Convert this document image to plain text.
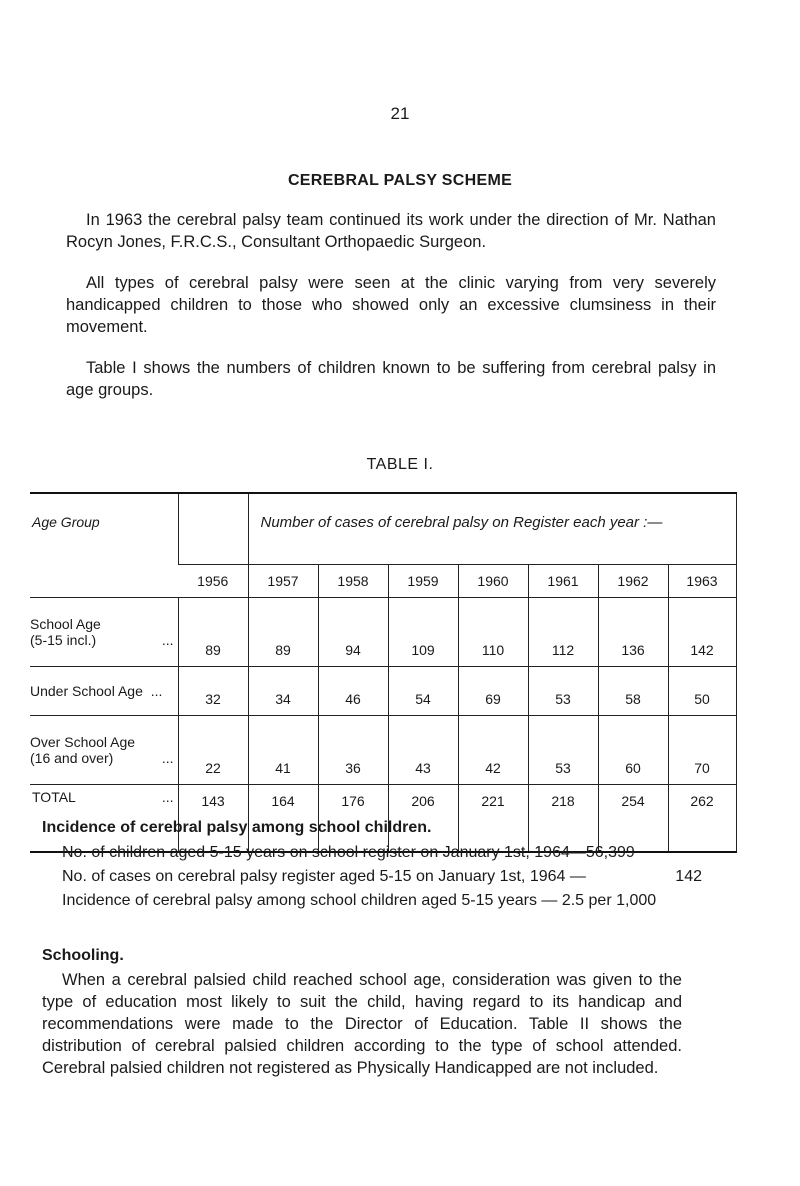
21
CEREBRAL PALSY SCHEME

In 1963 the cerebral palsy team continued its work under the direction of Mr. Nathan Rocyn Jones, F.R.C.S., Consultant Orthopaedic Surgeon.

All types of cerebral palsy were seen at the clinic varying from very severely handicapped children to those who showed only an excessive clumsiness in their movement.

Table I shows the numbers of children known to be suffering from cerebral palsy in age groups.

TABLE I.
Age Group		Number of cases of cerebral palsy on Register each year :—						
	1956	1957	1958	1959	1960	1961	1962	1963
School Age
(5-15 incl.) ...	89	89	94	109	110	112	136	142
Under School Age ...	32	34	46	54	69	53	58	50
Over School Age
(16 and over) ...	22	41	36	43	42	53	60	70
TOTAL ...	143	164	176	206	221	218	254	262
Incidence of cerebral palsy among school children.
No. of children aged 5-15 years on school register on January 1st, 1964—56,399
No. of cases on cerebral palsy register aged 5-15 on January 1st, 1964 —	142
Incidence of cerebral palsy among school children aged 5-15 years — 2.5 per 1,000
Schooling.

When a cerebral palsied child reached school age, consideration was given to the type of education most likely to suit the child, having regard to its handicap and recommendations were made to the Director of Education. Table II shows the distribution of cerebral palsied children according to the type of school attended. Cerebral palsied children not registered as Physically Handicapped are not included.
